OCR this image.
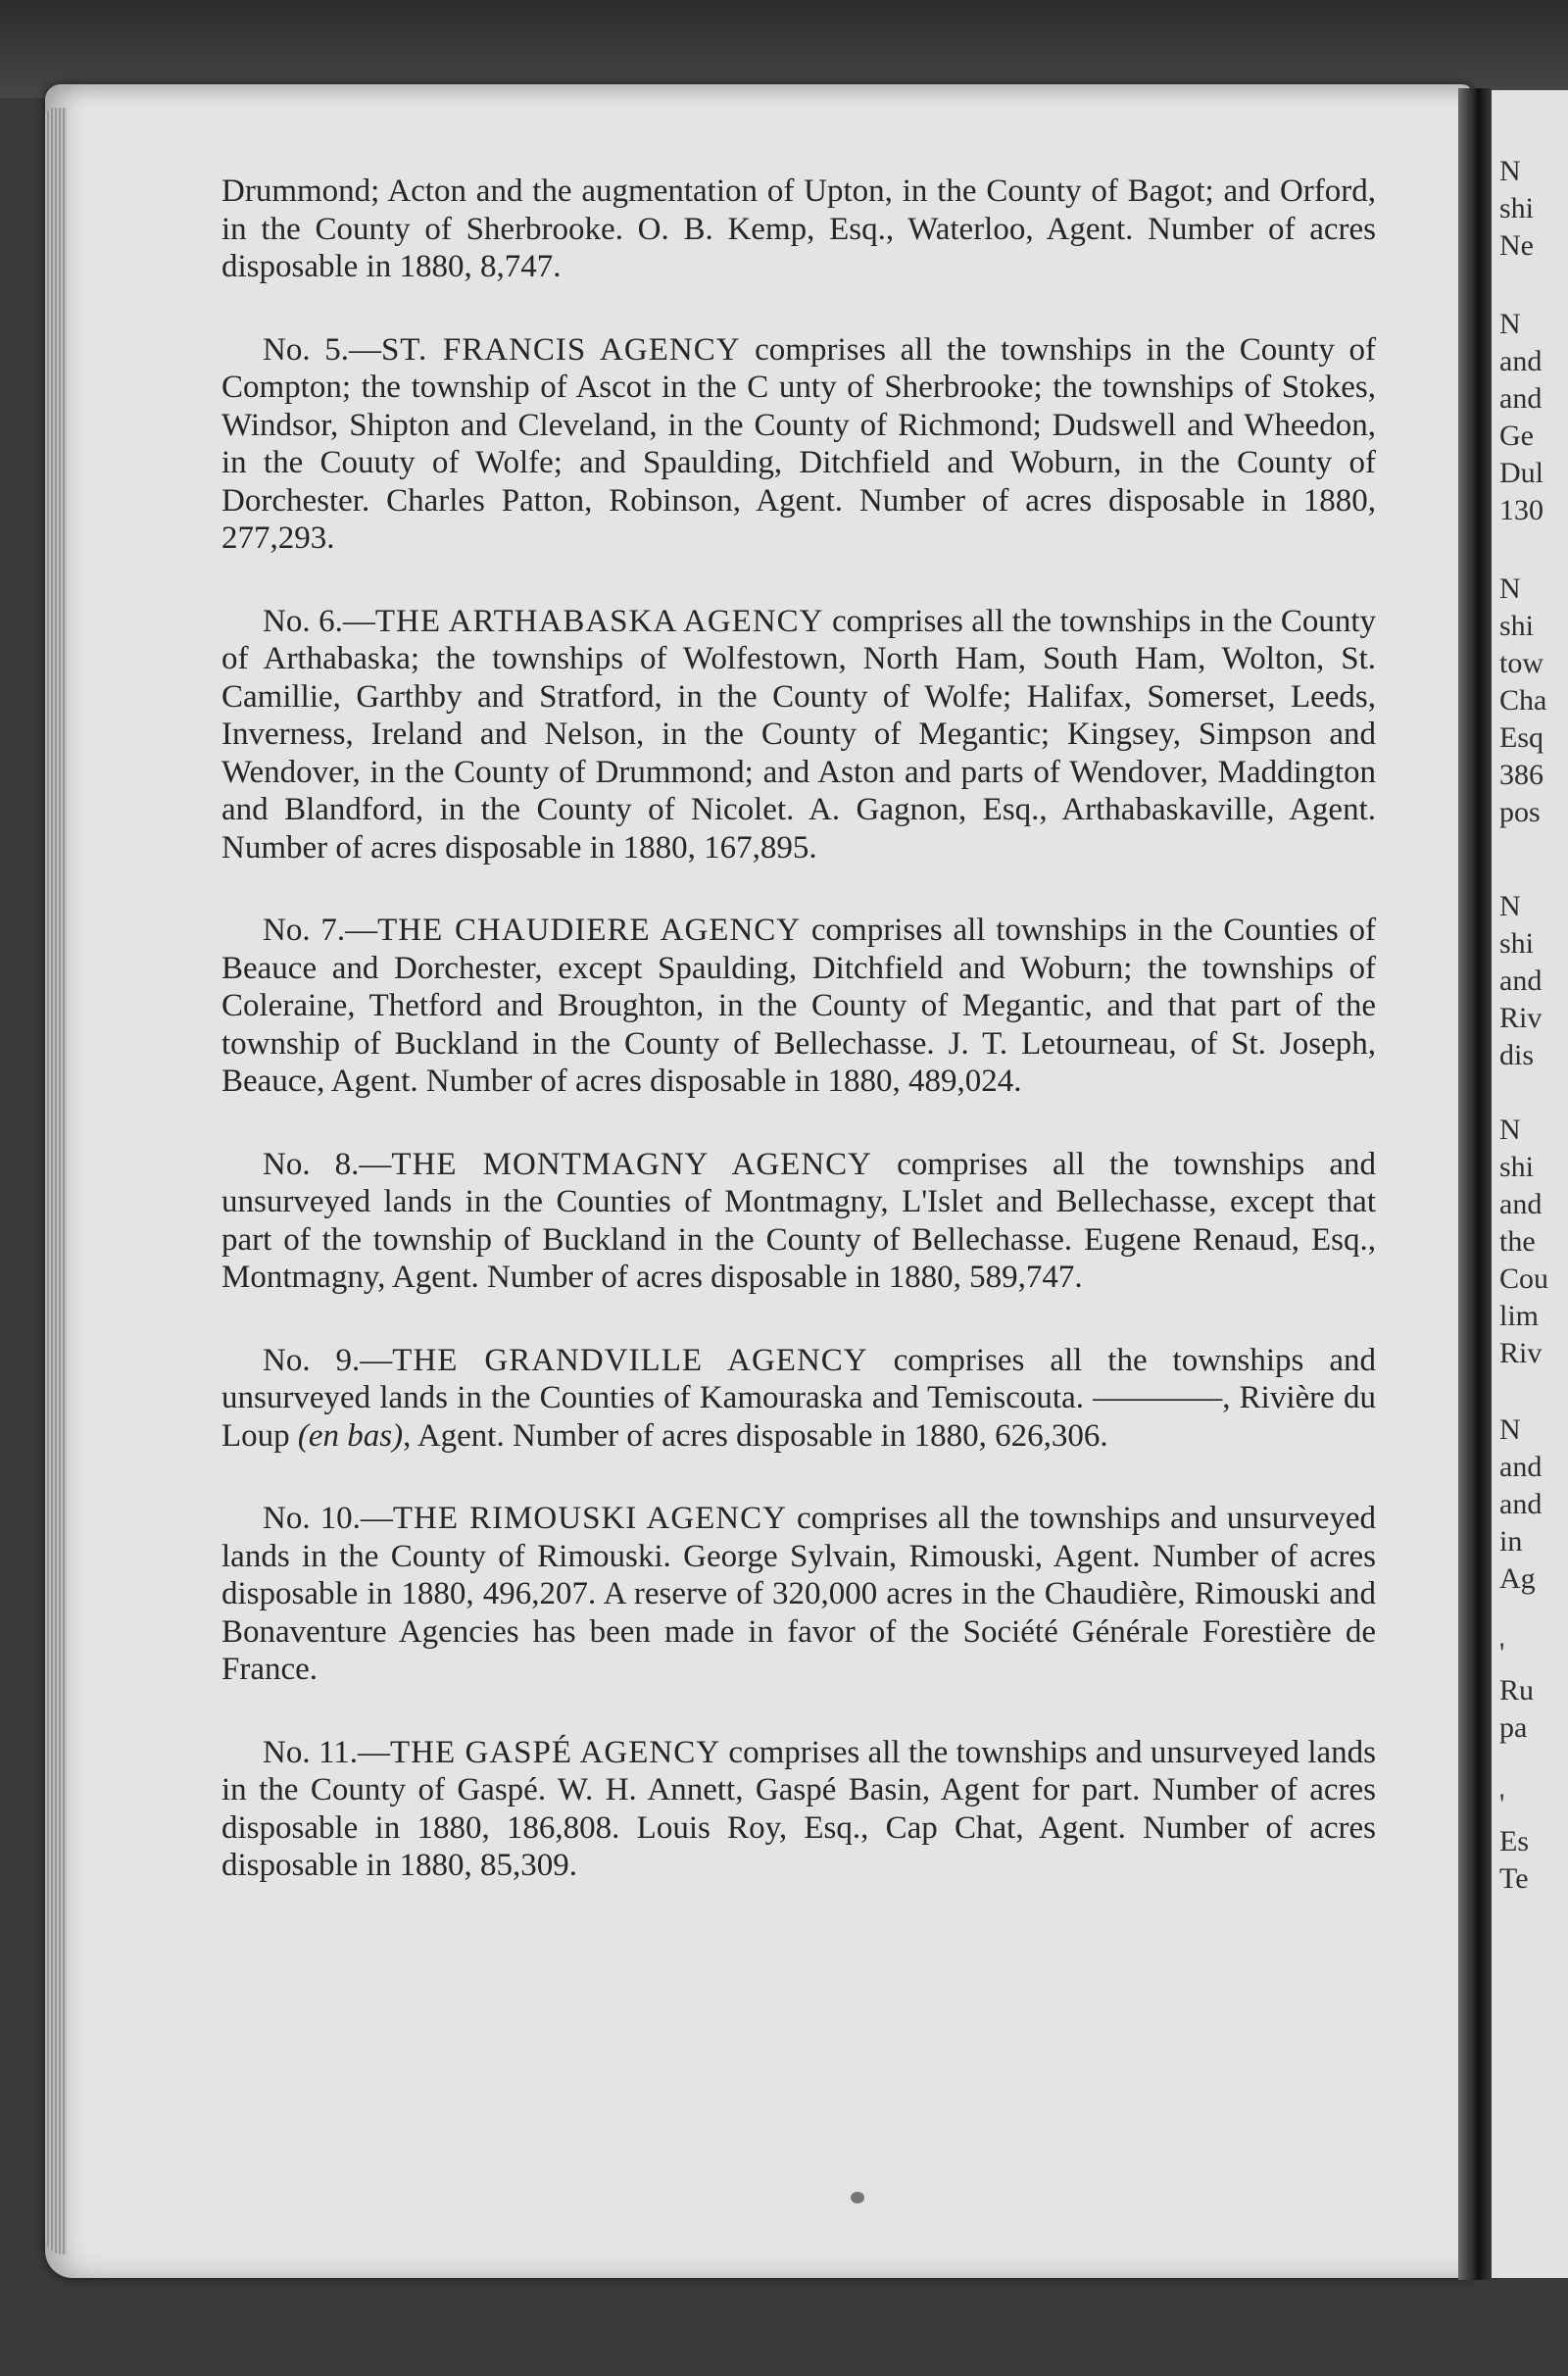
N
shi
Ne
N
and
and
Ge
Dul
130
N
shi
tow
Cha
Esq
386
pos
N
shi
and
Riv
dis
N
shi
and
the
Cou
lim
Riv
N
and
and
in
Ag
'
Ru
pa
'
Es
Te

Drummond; Acton and the augmentation of Upton, in the County of Bagot; and Orford, in the County of Sherbrooke. O. B. Kemp, Esq., Waterloo, Agent. Number of acres disposable in 1880, 8,747.

No. 5.—ST. FRANCIS AGENCY comprises all the townships in the County of Compton; the township of Ascot in the C unty of Sherbrooke; the townships of Stokes, Windsor, Shipton and Cleveland, in the County of Richmond; Dudswell and Wheedon, in the Couuty of Wolfe; and Spaulding, Ditchfield and Woburn, in the County of Dorchester. Charles Patton, Robinson, Agent. Number of acres disposable in 1880, 277,293.

No. 6.—THE ARTHABASKA AGENCY comprises all the townships in the County of Arthabaska; the townships of Wolfestown, North Ham, South Ham, Wolton, St. Camillie, Garthby and Stratford, in the County of Wolfe; Halifax, Somerset, Leeds, Inverness, Ireland and Nelson, in the County of Megantic; Kingsey, Simpson and Wendover, in the County of Drummond; and Aston and parts of Wendover, Maddington and Blandford, in the County of Nicolet. A. Gagnon, Esq., Arthabaskaville, Agent. Number of acres disposable in 1880, 167,895.

No. 7.—THE CHAUDIERE AGENCY comprises all townships in the Counties of Beauce and Dorchester, except Spaulding, Ditchfield and Woburn; the townships of Coleraine, Thetford and Broughton, in the County of Megantic, and that part of the township of Buckland in the County of Bellechasse. J. T. Letourneau, of St. Joseph, Beauce, Agent. Number of acres disposable in 1880, 489,024.

No. 8.—THE MONTMAGNY AGENCY comprises all the townships and unsurveyed lands in the Counties of Montmagny, L'Islet and Bellechasse, except that part of the township of Buckland in the County of Bellechasse. Eugene Renaud, Esq., Montmagny, Agent. Number of acres disposable in 1880, 589,747.

No. 9.—THE GRANDVILLE AGENCY comprises all the townships and unsurveyed lands in the Counties of Kamouraska and Temiscouta. ————, Rivière du Loup (en bas), Agent. Number of acres disposable in 1880, 626,306.

No. 10.—THE RIMOUSKI AGENCY comprises all the townships and unsurveyed lands in the County of Rimouski. George Sylvain, Rimouski, Agent. Number of acres disposable in 1880, 496,207. A reserve of 320,000 acres in the Chaudière, Rimouski and Bonaventure Agencies has been made in favor of the Société Générale Forestière de France.

No. 11.—THE GASPÉ AGENCY comprises all the townships and unsurveyed lands in the County of Gaspé. W. H. Annett, Gaspé Basin, Agent for part. Number of acres disposable in 1880, 186,808. Louis Roy, Esq., Cap Chat, Agent. Number of acres disposable in 1880, 85,309.
